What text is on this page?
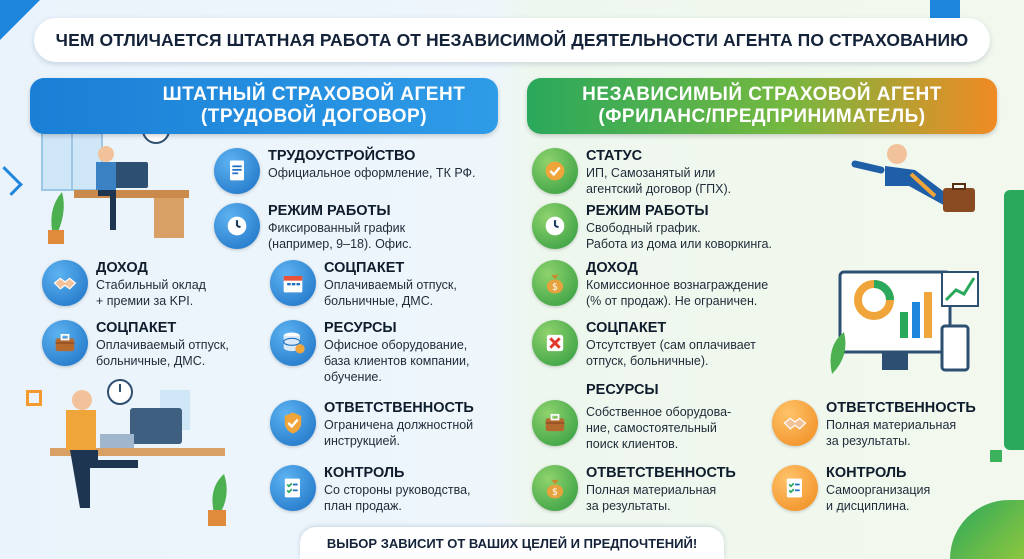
ЧЕМ ОТЛИЧАЕТСЯ ШТАТНАЯ РАБОТА ОТ НЕЗАВИСИМОЙ ДЕЯТЕЛЬНОСТИ АГЕНТА ПО СТРАХОВАНИЮ
ШТАТНЫЙ СТРАХОВОЙ АГЕНТ
(ТРУДОВОЙ ДОГОВОР)
НЕЗАВИСИМЫЙ СТРАХОВОЙ АГЕНТ
(ФРИЛАНС/ПРЕДПРИНИМАТЕЛЬ)
ТРУДОУСТРОЙСТВО
Официальное оформление, ТК РФ.
РЕЖИМ РАБОТЫ
Фиксированный график
(например, 9–18). Офис.
ДОХОД
Стабильный оклад
+ премии за KPI.
СОЦПАКЕТ
Оплачиваемый отпуск,
больничные, ДМС.
СОЦПАКЕТ
Оплачиваемый отпуск,
больничные, ДМС.
РЕСУРСЫ
Офисное оборудование,
база клиентов компании,
обучение.
ОТВЕТСТВЕННОСТЬ
Ограничена должностной
инструкцией.
КОНТРОЛЬ
Со стороны руководства,
план продаж.
СТАТУС
ИП, Самозанятый или
агентский договор (ГПХ).
РЕЖИМ РАБОТЫ
Свободный график.
Работа из дома или коворкинга.
$
ДОХОД
Комиссионное вознаграждение
(% от продаж). Не ограничен.
СОЦПАКЕТ
Отсутствует (сам оплачивает
отпуск, больничные).
РЕСУРСЫ
Собственное оборудова-
ние, самостоятельный
поиск клиентов.
ОТВЕТСТВЕННОСТЬ
Полная материальная
за результаты.
$
ОТВЕТСТВЕННОСТЬ
Полная материальная
за результаты.
КОНТРОЛЬ
Самоорганизация
и дисциплина.
ВЫБОР ЗАВИСИТ ОТ ВАШИХ ЦЕЛЕЙ И ПРЕДПОЧТЕНИЙ!
